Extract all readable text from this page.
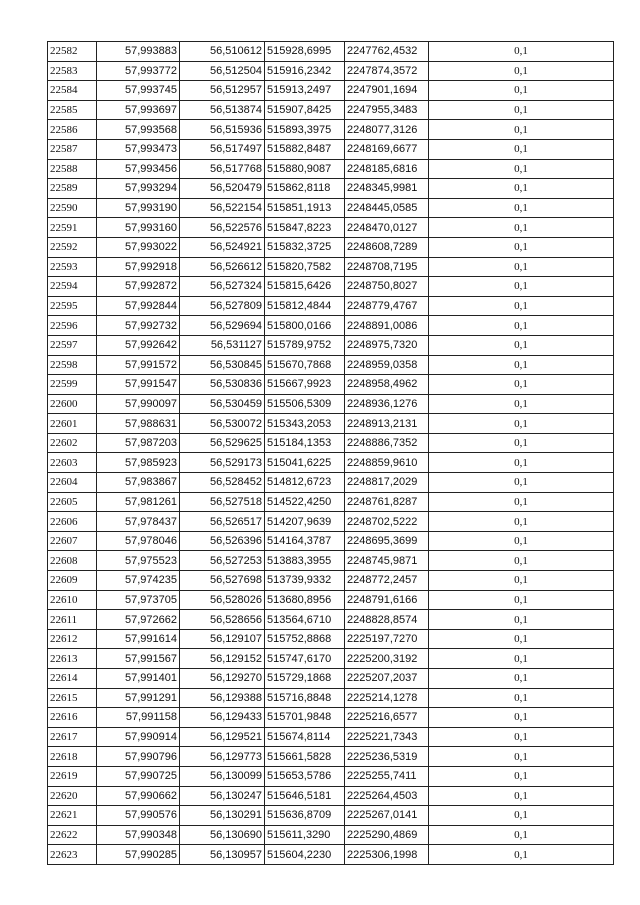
22582	57,993883	56,510612	515928,6995	2247762,4532	0,1
22583	57,993772	56,512504	515916,2342	2247874,3572	0,1
22584	57,993745	56,512957	515913,2497	2247901,1694	0,1
22585	57,993697	56,513874	515907,8425	2247955,3483	0,1
22586	57,993568	56,515936	515893,3975	2248077,3126	0,1
22587	57,993473	56,517497	515882,8487	2248169,6677	0,1
22588	57,993456	56,517768	515880,9087	2248185,6816	0,1
22589	57,993294	56,520479	515862,8118	2248345,9981	0,1
22590	57,993190	56,522154	515851,1913	2248445,0585	0,1
22591	57,993160	56,522576	515847,8223	2248470,0127	0,1
22592	57,993022	56,524921	515832,3725	2248608,7289	0,1
22593	57,992918	56,526612	515820,7582	2248708,7195	0,1
22594	57,992872	56,527324	515815,6426	2248750,8027	0,1
22595	57,992844	56,527809	515812,4844	2248779,4767	0,1
22596	57,992732	56,529694	515800,0166	2248891,0086	0,1
22597	57,992642	56,531127	515789,9752	2248975,7320	0,1
22598	57,991572	56,530845	515670,7868	2248959,0358	0,1
22599	57,991547	56,530836	515667,9923	2248958,4962	0,1
22600	57,990097	56,530459	515506,5309	2248936,1276	0,1
22601	57,988631	56,530072	515343,2053	2248913,2131	0,1
22602	57,987203	56,529625	515184,1353	2248886,7352	0,1
22603	57,985923	56,529173	515041,6225	2248859,9610	0,1
22604	57,983867	56,528452	514812,6723	2248817,2029	0,1
22605	57,981261	56,527518	514522,4250	2248761,8287	0,1
22606	57,978437	56,526517	514207,9639	2248702,5222	0,1
22607	57,978046	56,526396	514164,3787	2248695,3699	0,1
22608	57,975523	56,527253	513883,3955	2248745,9871	0,1
22609	57,974235	56,527698	513739,9332	2248772,2457	0,1
22610	57,973705	56,528026	513680,8956	2248791,6166	0,1
22611	57,972662	56,528656	513564,6710	2248828,8574	0,1
22612	57,991614	56,129107	515752,8868	2225197,7270	0,1
22613	57,991567	56,129152	515747,6170	2225200,3192	0,1
22614	57,991401	56,129270	515729,1868	2225207,2037	0,1
22615	57,991291	56,129388	515716,8848	2225214,1278	0,1
22616	57,991158	56,129433	515701,9848	2225216,6577	0,1
22617	57,990914	56,129521	515674,8114	2225221,7343	0,1
22618	57,990796	56,129773	515661,5828	2225236,5319	0,1
22619	57,990725	56,130099	515653,5786	2225255,7411	0,1
22620	57,990662	56,130247	515646,5181	2225264,4503	0,1
22621	57,990576	56,130291	515636,8709	2225267,0141	0,1
22622	57,990348	56,130690	515611,3290	2225290,4869	0,1
22623	57,990285	56,130957	515604,2230	2225306,1998	0,1
